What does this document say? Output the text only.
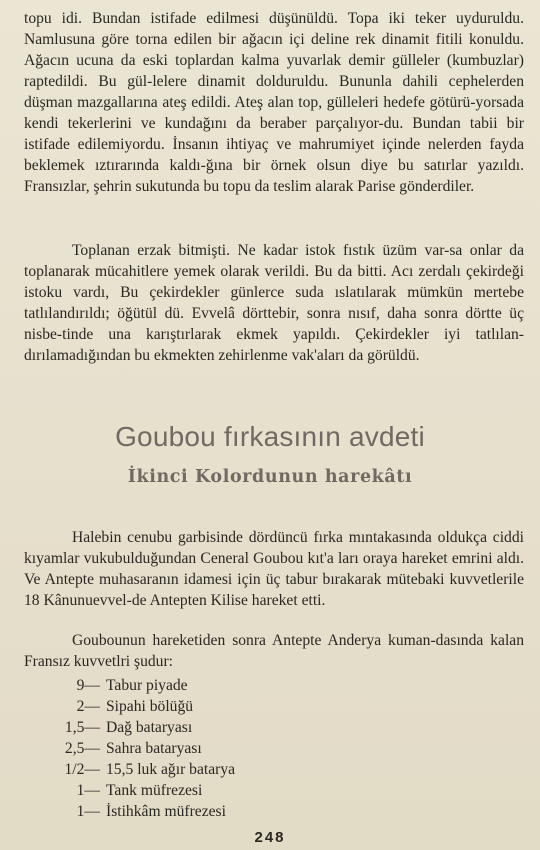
topu idi. Bundan istifade edilmesi düşünüldü. Topa iki teker uyduruldu. Namlusuna göre torna edilen bir ağacın içi deline rek dinamit fitili konuldu. Ağacın ucuna da eski toplardan kalma yuvarlak demir gülleler (kumbuzlar) raptedildi. Bu gül-lelere dinamit dolduruldu. Bununla dahili cephelerden düşman mazgallarına ateş edildi. Ateş alan top, gülleleri hedefe götürü-yorsada kendi tekerlerini ve kundağını da beraber parçalıyor-du. Bundan tabii bir istifade edilemiyordu. İnsanın ihtiyaç ve mahrumiyet içinde nelerden fayda beklemek ıztırarında kaldı-ğına bir örnek olsun diye bu satırlar yazıldı. Fransızlar, şehrin sukutunda bu topu da teslim alarak Parise gönderdiler.

Toplanan erzak bitmişti. Ne kadar istok fıstık üzüm var-sa onlar da toplanarak mücahitlere yemek olarak verildi. Bu da bitti. Acı zerdalı çekirdeği istoku vardı, Bu çekirdekler günlerce suda ıslatılarak mümkün mertebe tatlılandırıldı; öğütül dü. Evvelâ dörttebir, sonra nısıf, daha sonra dörtte üç nisbe-tinde una karıştırlarak ekmek yapıldı. Çekirdekler iyi tatlılan-dırılamadığından bu ekmekten zehirlenme vak'aları da görüldü.

Goubou fırkasının avdeti
İkinci Kolordunun harekâtı

Halebin cenubu garbisinde dördüncü fırka mıntakasında oldukça ciddi kıyamlar vukubulduğundan Ceneral Goubou kıt'a ları oraya hareket emrini aldı. Ve Antepte muhasaranın idamesi için üç tabur bırakarak mütebaki kuvvetlerile 18 Kânunuevvel-de Antepten Kilise hareket etti.

Goubounun hareketiden sonra Antepte Anderya kuman-dasında kalan Fransız kuvvetlri şudur:

9— Tabur piyade
2— Sipahi bölüğü
1,5— Dağ bataryası
2,5— Sahra bataryası
1/2— 15,5 luk ağır batarya
1— Tank müfrezesi
1— İstihkâm müfrezesi
248
